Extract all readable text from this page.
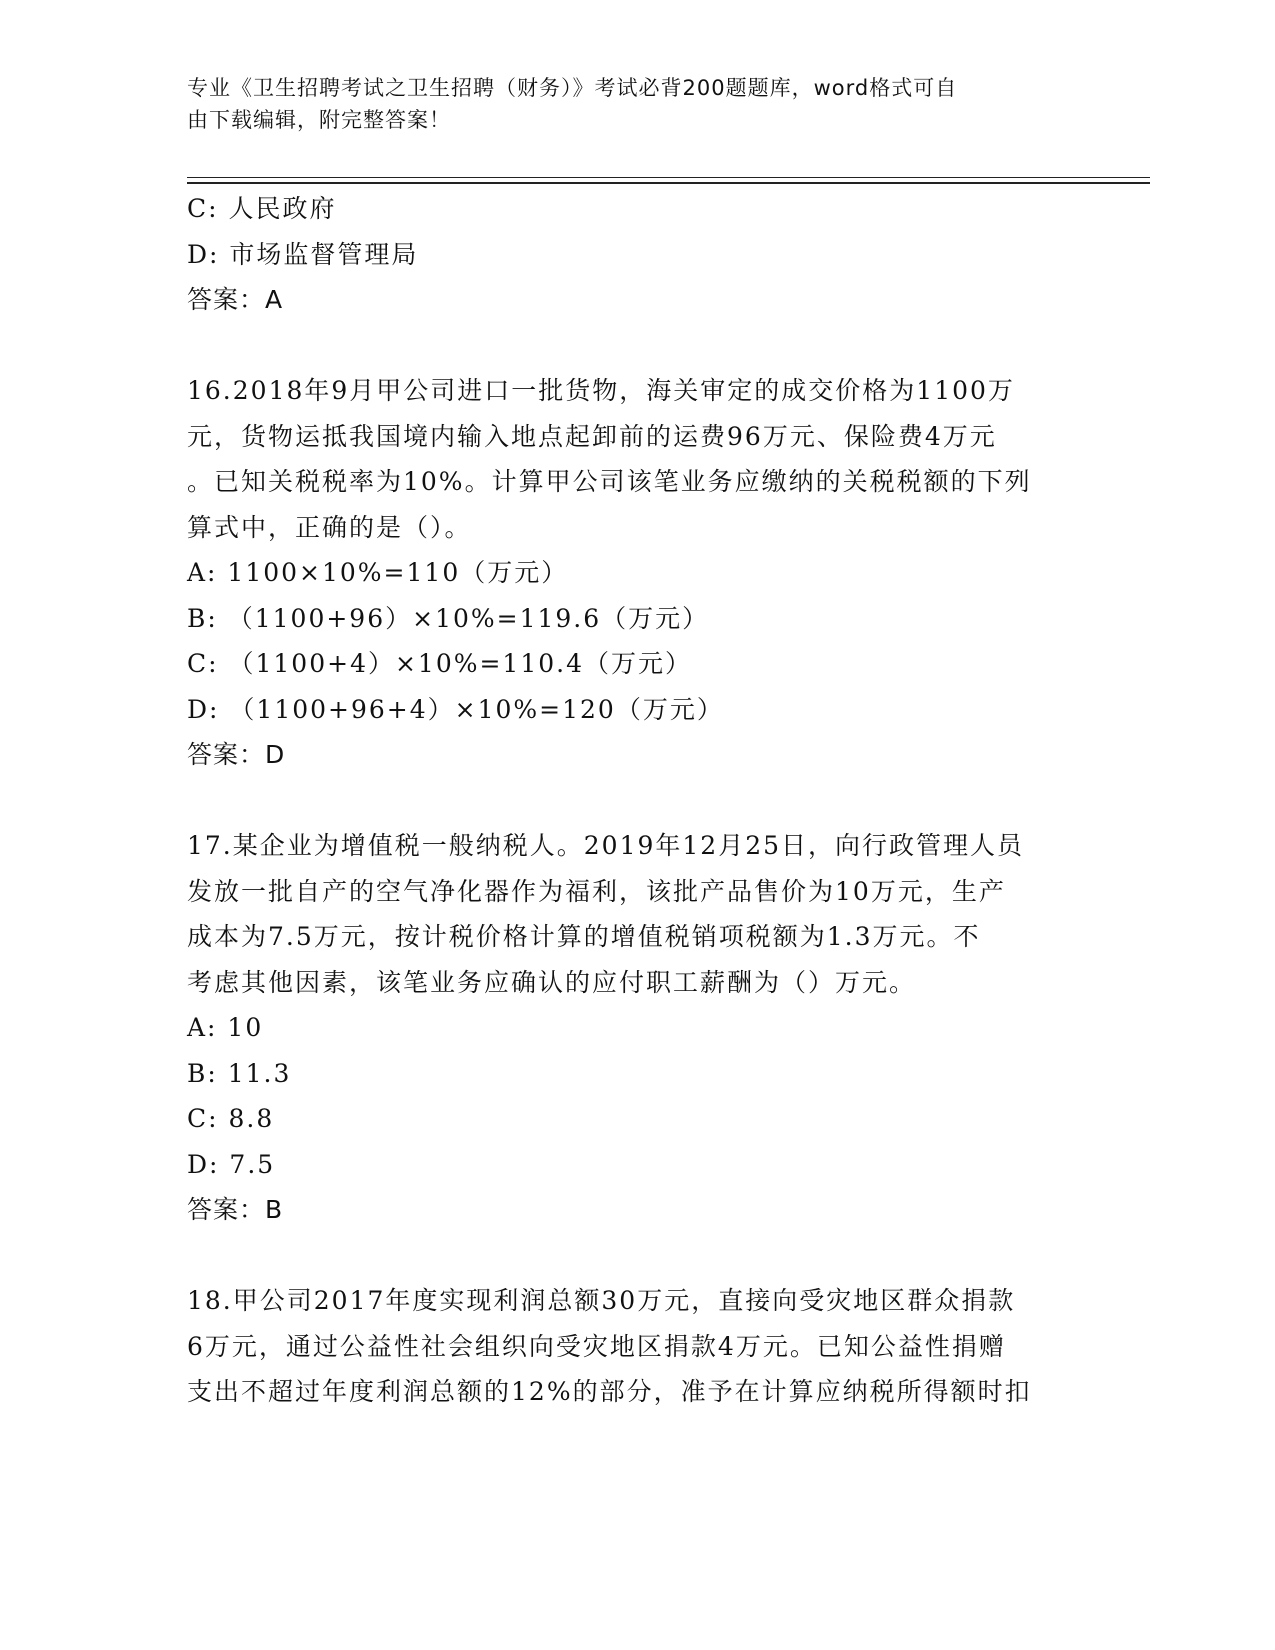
专业《卫生招聘考试之卫生招聘（财务）》考试必背200题题库，word格式可自
由下载编辑，附完整答案！
C: 人民政府
D: 市场监督管理局
答案：A
16.2018年9月甲公司进口一批货物，海关审定的成交价格为1100万
元，货物运抵我国境内输入地点起卸前的运费96万元、保险费4万元
。已知关税税率为10%。计算甲公司该笔业务应缴纳的关税税额的下列
算式中，正确的是（）。
A: 1100×10%=110（万元）
B: （1100+96）×10%=119.6（万元）
C: （1100+4）×10%=110.4（万元）
D: （1100+96+4）×10%=120（万元）
答案：D
17.某企业为增值税一般纳税人。2019年12月25日，向行政管理人员
发放一批自产的空气净化器作为福利，该批产品售价为10万元，生产
成本为7.5万元，按计税价格计算的增值税销项税额为1.3万元。不
考虑其他因素，该笔业务应确认的应付职工薪酬为（）万元。
A: 10
B: 11.3
C: 8.8
D: 7.5
答案：B
18.甲公司2017年度实现利润总额30万元，直接向受灾地区群众捐款
6万元，通过公益性社会组织向受灾地区捐款4万元。已知公益性捐赠
支出不超过年度利润总额的12%的部分，准予在计算应纳税所得额时扣
